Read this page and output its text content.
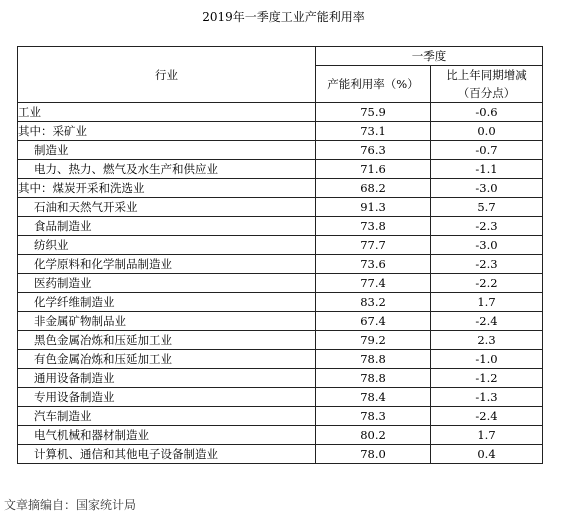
2019年一季度工业产能利用率
行业	一季度	
	产能利用率（%）	比上年同期增减
（百分点）

工业	75.9	-0.6
其中：采矿业	73.1	0.0
制造业	76.3	-0.7
电力、热力、燃气及水生产和供应业	71.6	-1.1
其中：煤炭开采和洗选业	68.2	-3.0
石油和天然气开采业	91.3	5.7
食品制造业	73.8	-2.3
纺织业	77.7	-3.0
化学原料和化学制品制造业	73.6	-2.3
医药制造业	77.4	-2.2
化学纤维制造业	83.2	1.7
非金属矿物制品业	67.4	-2.4
黑色金属冶炼和压延加工业	79.2	2.3
有色金属冶炼和压延加工业	78.8	-1.0
通用设备制造业	78.8	-1.2
专用设备制造业	78.4	-1.3
汽车制造业	78.3	-2.4
电气机械和器材制造业	80.2	1.7
计算机、通信和其他电子设备制造业	78.0	0.4
文章摘编自：国家统计局
